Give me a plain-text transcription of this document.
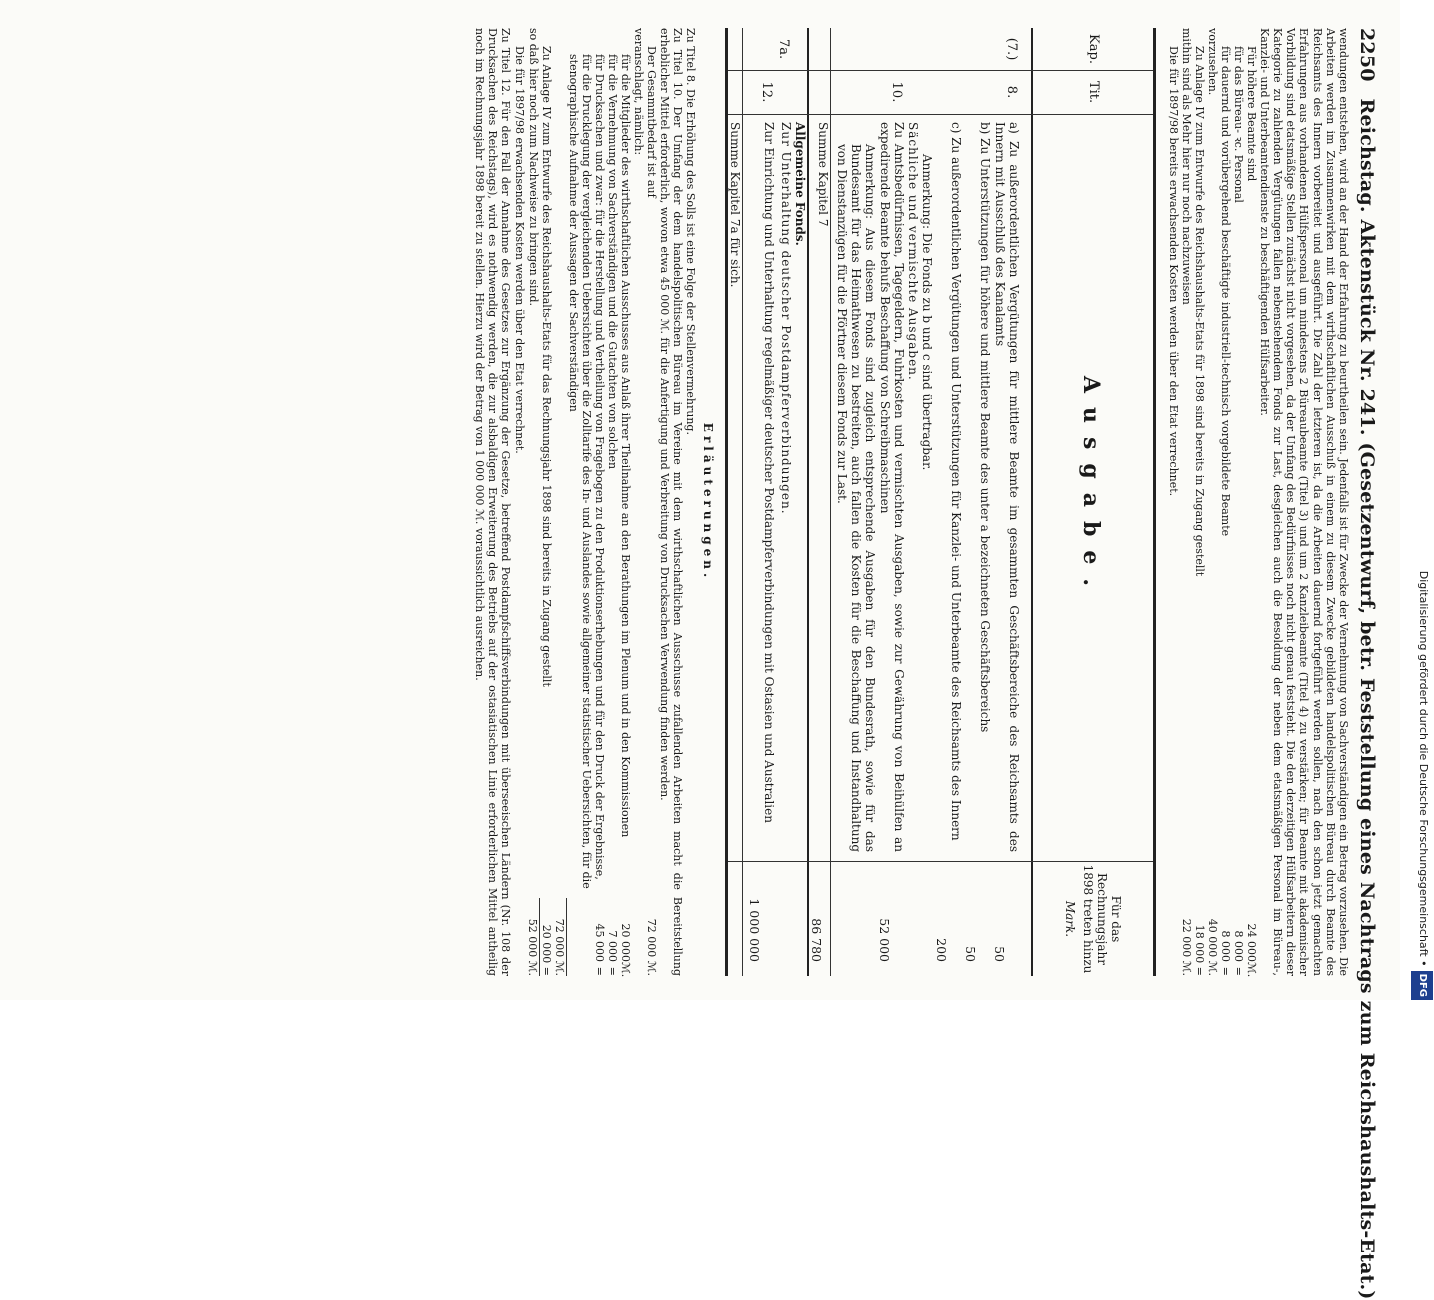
2250 Reichstag. Aktenstück Nr. 241. (Gesetzentwurf, betr. Feststellung eines Nachtrags zum Reichshaushalts-Etat.)

wendungen entstehen, wird an der Hand der Erfahrung zu beurtheilen sein. Jedenfalls ist für Zwecke der Vernehmung von Sachverständigen ein Betrag vorzusehen. Die Arbeiten werden im Zusammenwirken mit dem wirthschaftlichen Ausschuß in einem zu diesem Zwecke gebildeten handelspolitischen Büreau durch Beamte des Reichsamts des Innern vorbereitet und ausgeführt. Die Zahl der letzteren ist, da die Arbeiten dauernd fortgeführt werden sollen, nach den schon jetzt gemachten Erfahrungen aus vorhandenen Hülfspersonal um mindestens 2 Büreaubeamte (Titel 3) und um 2 Kanzleibeamte (Titel 4) zu verstärken; für Beamte mit akademischer Vorbildung sind etatsmäßige Stellen zunächst nicht vorgesehen, da der Umfang des Bedürfnisses noch nicht genau feststeht. Die den derzeitigen Hülfsarbeitern dieser Kategorie zu zahlenden Vergütungen fallen nebenstehendem Fonds zur Last, desgleichen auch die Besoldung der neben dem etatsmäßigen Personal im Büreau-, Kanzlei- und Unterbeamtendienste zu beschäftigenden Hülfsarbeiter.

Für höhere Beamte sind
24 000
ℳ.
für das Büreau- ꝛc. Personal
8 000
=
für dauernd und vorübergehend beschäftigte industriell-technisch vorgebildete Beamte
8 000
=
vorzusehen.
40 000 ℳ.
Zu Anlage IV zum Entwurfe des Reichshaushalts-Etats für 1898 sind bereits in Zugang gestellt
18 000 =
mithin sind als Mehr hier nur noch nachzuweisen
22 000 ℳ.

Die für 1897/98 bereits erwachsenden Kosten werden über den Etat verrechnet.

Kap.
Tit.
Ausgabe.
Für das Rechnungsjahr 1898 treten hinzu
Mark.
(7.)
8.
a) Zu außerordentlichen Vergütungen für mittlere Beamte im gesammten Geschäftsbereiche des Reichsamts des Innern mit Ausschluß des Kanalamts
50
b) Zu Unterstützungen für höhere und mittlere Beamte des unter a bezeichneten Geschäftsbereichs
50
c) Zu außerordentlichen Vergütungen und Unterstützungen für Kanzlei- und Unterbeamte des Reichsamts des Innern
200
Anmerkung: Die Fonds zu b und c sind übertragbar.
Sächliche und vermischte Ausgaben.
10.
Zu Amtsbedürfnissen, Tagegeldern, Fuhrkosten und vermischten Ausgaben, sowie zur Gewährung von Beihülfen an expedirende Beamte behufs Beschaffung von Schreibmaschinen
52 000
Anmerkung: Aus diesem Fonds sind zugleich entsprechende Ausgaben für den Bundesrath, sowie für das Bundesamt für das Heimathwesen zu bestreiten, auch fallen die Kosten für die Beschaffung und Instandhaltung von Dienstanzügen für die Pförtner diesem Fonds zur Last.
Summe Kapitel 7
86 780
Allgemeine Fonds.
7a.
Zur Unterhaltung deutscher Postdampferverbindungen.
12.
Zur Einrichtung und Unterhaltung regelmäßiger deutscher Postdampferverbindungen mit Ostasien und Australien
1 000 000
Summe Kapitel 7a für sich.
Erläuterungen.

Zu Titel 8. Die Erhöhung des Solls ist eine Folge der Stellenvermehrung.

Zu Titel 10. Der Umfang der dem handelspolitischen Büreau im Vereine mit dem wirthschaftlichen Ausschusse zufallenden Arbeiten macht die Bereitstellung erheblicher Mittel erforderlich, wovon etwa 45 000 ℳ. für die Anfertigung und Verbreitung von Drucksachen Verwendung finden werden.

Der Gesammtbedarf ist auf
72 000 ℳ.

veranschlagt, nämlich:

für die Mitglieder des wirthschaftlichen Ausschusses aus Anlaß ihrer Theilnahme an den Berathungen im Plenum und in den Kommissionen
20 000
ℳ.
für die Vernehmung von Sachverständigen und die Gutachten von solchen
7 000
=
für Drucksachen und zwar: für die Herstellung und Vertheilung von Fragebogen zu den Produktionserhebungen und für den Druck der Ergebnisse, für die Drucklegung der vergleichenden Uebersichten über die Zolltarife des In- und Auslandes sowie allgemeiner statistischer Uebersichten, für die stenographische Aufnahme der Aussagen der Sachverständigen
45 000
=
72 000 ℳ.
Zu Anlage IV zum Entwurfe des Reichshaushalts-Etats für das Rechnungsjahr 1898 sind bereits in Zugang gestellt
20 000 =
so daß hier noch zum Nachweise zu bringen sind.
52 000 ℳ.

Die für 1897/98 erwachsenden Kosten werden über den Etat verrechnet.

Zu Titel 12. Für den Fall der Annahme des Gesetzes zur Ergänzung der Gesetze, betreffend Postdampfschiffsverbindungen mit überseeischen Ländern (Nr. 108 der Drucksachen des Reichstags), wird es nothwendig werden, die zur alsbaldigen Erweiterung des Betriebs auf der ostasiatischen Linie erforderlichen Mittel antheilig noch im Rechnungsjahr 1898 bereit zu stellen. Hierzu wird der Betrag von 1 000 000 ℳ. voraussichtlich ausreichen.

Digitalisierung gefördert durch die Deutsche Forschungsgemeinschaft •DFG
